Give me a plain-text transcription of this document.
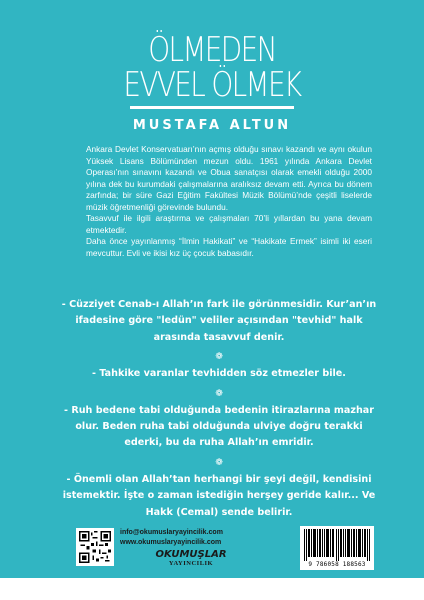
ÖLMEDEN
EVVEL ÖLMEK
MUSTAFA ALTUN

Ankara Devlet Konservatuarı’nın açmış olduğu sınavı kazandı ve aynı okulun Yüksek Lisans Bölümünden mezun oldu. 1961 yılında Ankara Devlet Operası’nın sınavını kazandı ve Obua sanatçısı olarak emekli olduğu 2000 yılına dek bu kurumdaki çalışmalarına aralıksız devam etti. Ayrıca bu dönem zarfında; bir süre Gazi Eğitim Fakültesi Müzik Bölümü’nde çeşitli liselerde müzik öğretmenliği görevinde bulundu.

Tasavvuf ile ilgili araştırma ve çalışmaları 70’li yıllardan bu yana devam etmektedir.

Daha önce yayınlanmış “İlmin Hakikati” ve “Hakikate Ermek” isimli iki eseri mevcuttur. Evli ve ikisi kız üç çocuk babasıdır.

- Cüzziyet Cenab-ı Allah’ın fark ile görünmesidir. Kur’an’ın ifadesine göre "ledün" veliler açısından "tevhid" halk arasında tasavvuf denir.

❁

- Tahkike varanlar tevhidden söz etmezler bile.

❁

- Ruh bedene tabi olduğunda bedenin itirazlarına mazhar olur. Beden ruha tabi olduğunda ulviye doğru terakki ederki, bu da ruha Allah’ın emridir.

❁

- Önemli olan Allah’tan herhangi bir şeyi değil, kendisini istemektir. İşte o zaman istediğin herşey geride kalır... Ve Hakk (Cemal) sende belirir.

info@okumuslaryayincilik.com
www.okumuslaryayincilik.com
OKUMUŞLAR
YAYINCILIK	9 786058 188563
